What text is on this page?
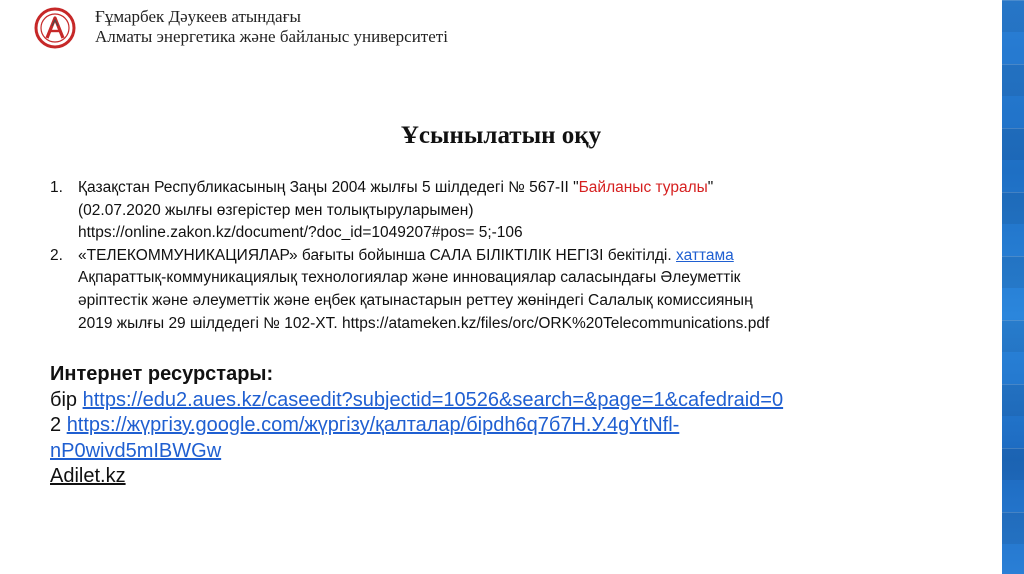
Ғұмарбек Дәукеев атындағы
Алматы энергетика және байланыс университеті
Ұсынылатын оқу
1. Қазақстан Республикасының Заңы 2004 жылғы 5 шілдедегі № 567-II "Байланыс туралы"
(02.07.2020 жылғы өзгерістер мен толықтыруларымен)
https://online.zakon.kz/document/?doc_id=1049207#pos= 5;-106
2. «ТЕЛЕКОММУНИКАЦИЯЛАР» бағыты бойынша САЛА БІЛІКТІЛІК НЕГІЗІ бекітілді. хаттама
Ақпараттық-коммуникациялық технологиялар және инновациялар саласындағы Әлеуметтік
әріптестік және әлеуметтік және еңбек қатынастарын реттеу жөніндегі Салалық комиссияның
2019 жылғы 29 шілдедегі № 102-ХТ. https://atameken.kz/files/orc/ORK%20Telecommunications.pdf
Интернет ресурстары:
бір https://edu2.aues.kz/caseedit?subjectid=10526&search=&page=1&cafedraid=0
2 https://жүргізу.google.com/жүргізу/қалталар/бірdh6q7б7H.У.4gYtNfl-
nP0wivd5mIBWGw
Adilet.kz
